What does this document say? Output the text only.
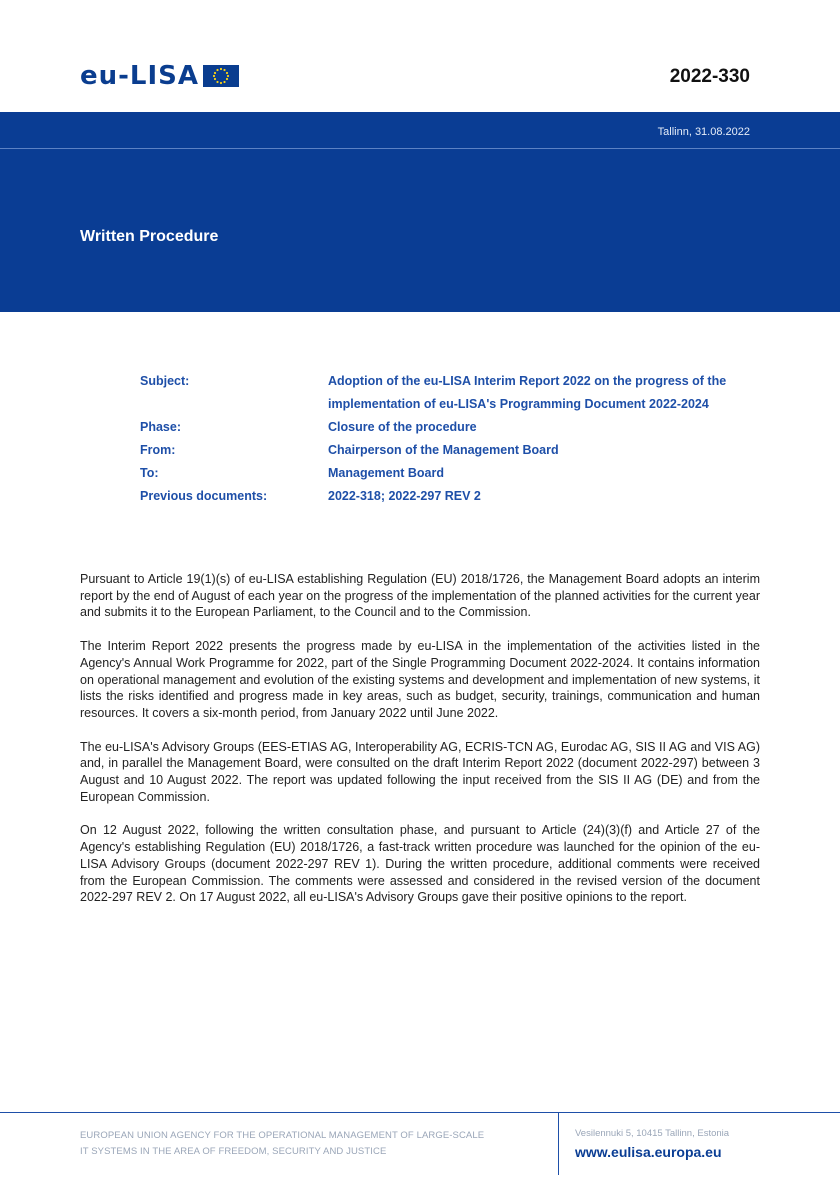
eu-LISA	2022-330
Tallinn, 31.08.2022
Written Procedure
Subject:	Adoption of the eu-LISA Interim Report 2022 on the progress of the implementation of eu-LISA's Programming Document 2022-2024
Phase:	Closure of the procedure
From:	Chairperson of the Management Board
To:	Management Board
Previous documents:	2022-318; 2022-297 REV 2

Pursuant to Article 19(1)(s) of eu-LISA establishing Regulation (EU) 2018/1726, the Management Board adopts an interim report by the end of August of each year on the progress of the implementation of the planned activities for the current year and submits it to the European Parliament, to the Council and to the Commission.

The Interim Report 2022 presents the progress made by eu-LISA in the implementation of the activities listed in the Agency's Annual Work Programme for 2022, part of the Single Programming Document 2022-2024. It contains information on operational management and evolution of the existing systems and development and implementation of new systems, it lists the risks identified and progress made in key areas, such as budget, security, trainings, communication and human resources. It covers a six-month period, from January 2022 until June 2022.

The eu-LISA's Advisory Groups (EES-ETIAS AG, Interoperability AG, ECRIS-TCN AG, Eurodac AG, SIS II AG and VIS AG) and, in parallel the Management Board, were consulted on the draft Interim Report 2022 (document 2022-297) between 3 August and 10 August 2022. The report was updated following the input received from the SIS II AG (DE) and from the European Commission.

On 12 August 2022, following the written consultation phase, and pursuant to Article (24)(3)(f) and Article 27 of the Agency's establishing Regulation (EU) 2018/1726, a fast-track written procedure was launched for the opinion of the eu-LISA Advisory Groups (document 2022-297 REV 1). During the written procedure, additional comments were received from the European Commission. The comments were assessed and considered in the revised version of the document 2022-297 REV 2. On 17 August 2022, all eu-LISA's Advisory Groups gave their positive opinions to the report.

EUROPEAN UNION AGENCY FOR THE OPERATIONAL MANAGEMENT OF LARGE-SCALE
IT SYSTEMS IN THE AREA OF FREEDOM, SECURITY AND JUSTICE
Vesilennuki 5, 10415 Tallinn, Estonia
www.eulisa.europa.eu
